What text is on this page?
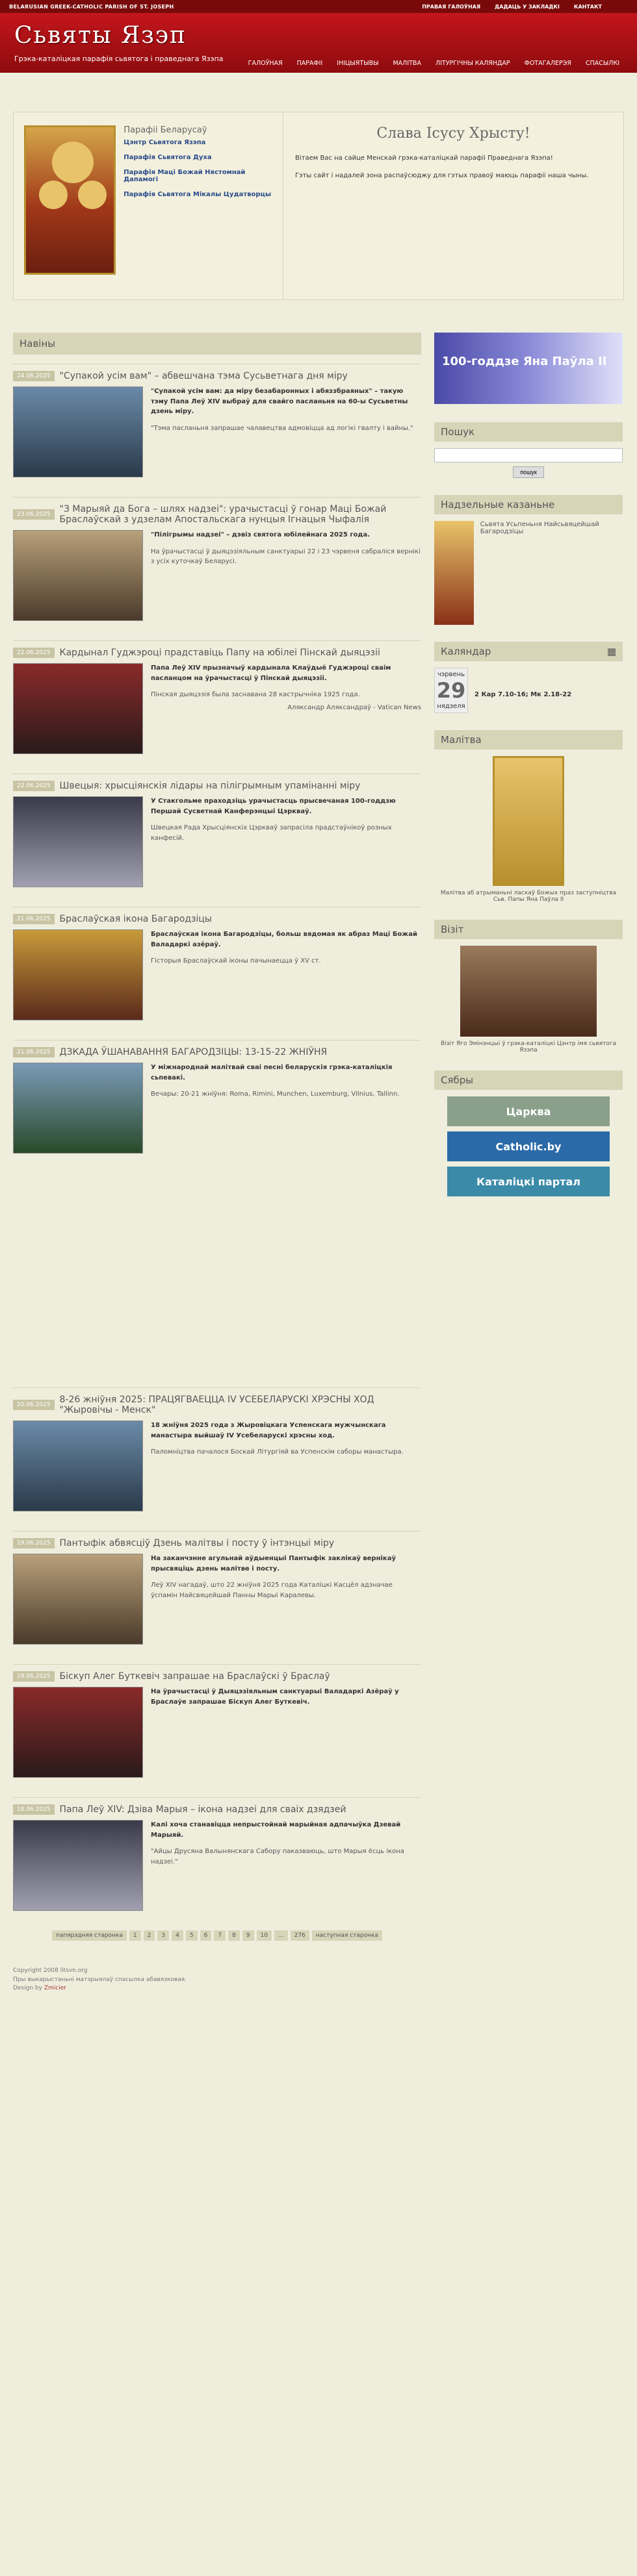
BELARUSIAN GREEK-CATHOLIC PARISH OF ST. JOSEPH	ПРАВАЯ ГАЛОЎНАЯ	ДАДАЦЬ У ЗАКЛАДКІ	КАНТАКТ
Сьвяты Язэп
Грэка-каталіцкая парафія сьвятога і праведнага Язэпа
ГАЛОЎНАЯ	ПАРАФІІ	ІНІЦЫЯТЫВЫ	МАЛІТВА	ЛІТУРГІЧНЫ КАЛЯНДАР	ФОТАГАЛЕРЭЯ	СПАСЫЛКІ
Парафіі Беларусаў
Цэнтр Сьвятога Язэпа
Парафія Сьвятога Духа
Парафія Маці Божай Нястомнай Дапамогі
Парафія Сьвятога Мікалы Цудатворцы
Слава Ісусу Хрысту!

Вітаем Вас на сайце Менскай грэка-каталіцкай парафіі Праведнага Язэпа!

Гэты сайт і надалей зона распаўсюджу для гэтых правоў маюць парафіі наша чыны.

Навіны
24.06.2025	"Супакой усім вам" – абвешчана тэма Сусьветнага дня міру
"Супакой усім вам: да міру безабаронных і абяззбраяных" – такую тэму Папа Леў XIV выбраў для свайго пасланьня на 60-ы Сусьветны дзень міру.
"Тэма пасланьня запрашае чалавецтва адмовіцца ад логікі гвалту і вайны."
23.06.2025	"З Марыяй да Бога – шлях надзеі": урачыстасці ў гонар Маці Божай Браслаўскай з удзелам Апостальскага нунцыя Ігнацыя Чыфалія
"Пілігрымы надзеі" – дэвіз святога юбілейнага 2025 года.
На ўрачыстасці ў дыяцэзіяльным санктуарыі 22 і 23 чэрвеня сабраліся вернікі з усіх куточкаў Беларусі.
22.06.2025	Кардынал Гуджэроці прадставіць Папу на юбілеі Пінскай дыяцэзіі
Папа Леў XIV прызначыў кардынала Клаўдыё Гуджэроці сваім пасланцом на ўрачыстасці ў Пінскай дыяцэзіі.
Пінская дыяцэзія была заснавана 28 кастрычніка 1925 года.
Аляксандр Аляксандраў - Vatican News
22.06.2025	Швецыя: хрысціянскія лідары на пілігрымным упамінанні міру
У Стакгольме праходзіць урачыстасць прысвечаная 100-годдзю Першай Сусветнай Канферэнцыі Цэркваў.
Швецкая Рада Хрысціянскіх Цэркваў запрасіла прадстаўнікоў розных канфесій.
21.06.2025	Браслаўская ікона Багародзіцы
Браслаўская ікона Багародзіцы, больш вядомая як абраз Маці Божай Валадаркі азёраў.
Гісторыя Браслаўскай іконы пачынаецца ў XV ст.
21.06.2025	ДЗКАДА ЎШАНАВАННЯ БАГАРОДЗІЦЫ: 13-15-22 ЖНІЎНЯ
У міжнароднай малітвай сваі песні беларускія грэка-каталіцкія сьпевакі.
Вечары: 20-21 жніўня: Roma, Rimini, Munchen, Luxemburg, Vilnius, Tallinn.
20.06.2025	8-26 жніўня 2025: ПРАЦЯГВАЕЦЦА IV УСЕБЕЛАРУСКІ ХРЭСНЫ ХОД "Жыровічы - Менск"
18 жніўня 2025 года з Жыровіцкага Успенскага мужчынскага манастыра выйшаў IV Усебеларускі хрэсны ход.
Паломніцтва пачалося Боскай Літургіяй ва Успенскім саборы манастыра.
19.06.2025	Пантыфік абвясціў Дзень малітвы і посту ў інтэнцыі міру
На заканчэнне агульнай аўдыенцыі Пантыфік заклікаў вернікаў прысвяціць дзень малітве і посту.
Леў XIV нагадаў, што 22 жніўня 2025 года Каталіцкі Касцёл адзначае ўспамін Найсвяцейшай Панны Марыі Каралевы.
19.06.2025	Біскуп Алег Буткевіч запрашае на Браслаўскі ў Браслаў
На ўрачыстасці ў Дыяцэзіяльным санктуарыі Валадаркі Азёраў у Браслаўе запрашае Біскуп Алег Буткевіч.
18.06.2025	Папа Леў XIV: Дзіва Марыя – ікона надзеі для сваіх дзядзей
Калі хоча станавіцца непрыстойнай марыйная адпачыўка Дзевай Марыяй.
"Айцы Друсяна Валынянскага Сабору паказваюць, што Марыя ёсць ікона надзеі."
папярэдняя старонка	1	2	3	4	5	6	7	8	9	10	...	276	наступная старонка
100-годдзе Яна Паўла ІІ
Пошук
пошук
Надзельные казаньне
Сьвята Усьпеньня Найсьвяцейшай Багародзіцы
Каляндар	▦
чэрвень
29
нядзеля
2 Кар 7.10-16; Мк 2.18-22
Малітва
Малітва аб атрыманьні ласкаў Божых праз заступніцтва Сьв. Папы Яна Паўла ІІ
Візіт
Візіт Яго Эмінэнцыі ў грэка-каталіцкі Цэнтр імя сьвятога Язэпа
Сябры
Царква
Catholic.by
Каталіцкі партал
Copyright 2008 litsvn.org
Пры выкарыстаньні матэрыялаў спасылка абавязковая.
Design by Zmicier
